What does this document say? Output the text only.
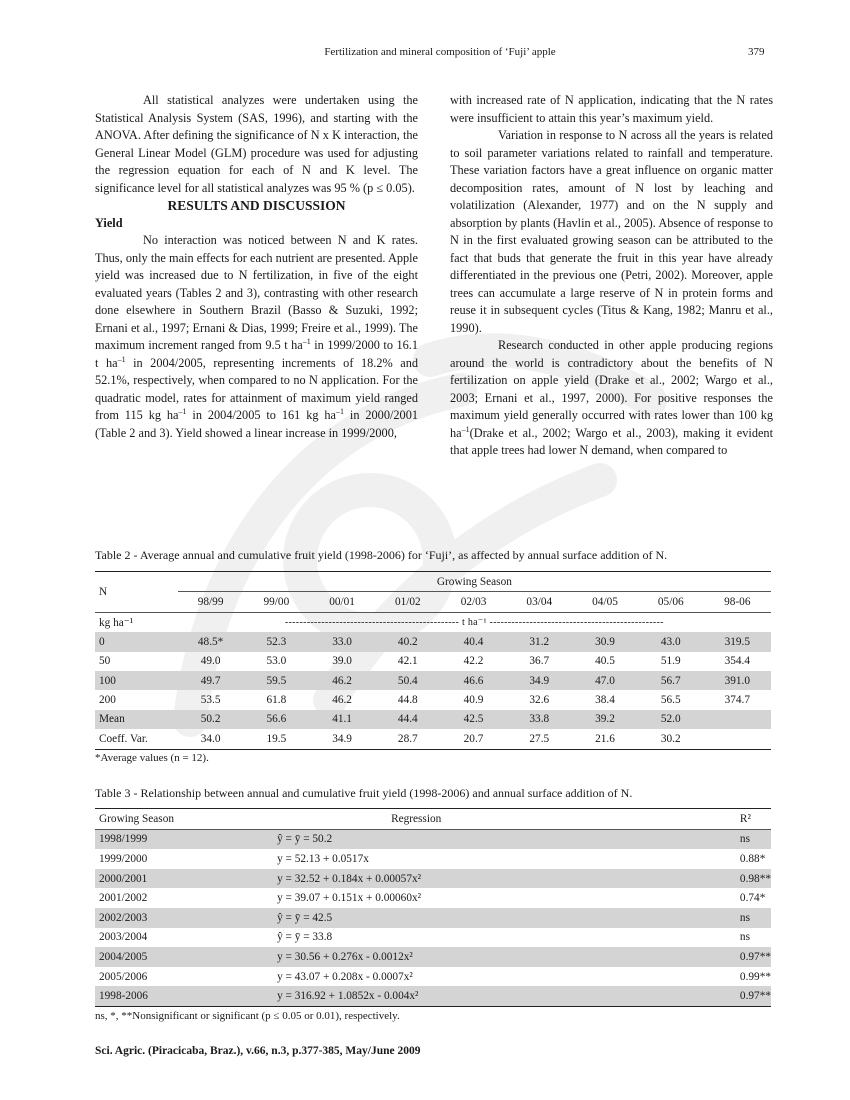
Fertilization and mineral composition of ‘Fuji’ apple	379

All statistical analyzes were undertaken using the Statistical Analysis System (SAS, 1996), and starting with the ANOVA. After defining the significance of N x K interaction, the General Linear Model (GLM) procedure was used for adjusting the regression equation for each of N and K level. The significance level for all statistical analyzes was 95 % (p ≤ 0.05).

RESULTS AND DISCUSSION

Yield

No interaction was noticed between N and K rates. Thus, only the main effects for each nutrient are presented. Apple yield was increased due to N fertilization, in five of the eight evaluated years (Tables 2 and 3), contrasting with other research done elsewhere in Southern Brazil (Basso & Suzuki, 1992; Ernani et al., 1997; Ernani & Dias, 1999; Freire et al., 1999). The maximum increment ranged from 9.5 t $ha^{-1}$ in 1999/2000 to 16.1 t $ha^{-1}$ in 2004/2005, representing increments of 18.2% and 52.1%, respectively, when compared to no N application. For the quadratic model, rates for attainment of maximum yield ranged from 115 kg $ha^{-1}$ in 2004/2005 to 161 kg $ha^{-1}$ in 2000/2001 (Table 2 and 3). Yield showed a linear increase in 1999/2000,

with increased rate of N application, indicating that the N rates were insufficient to attain this year’s maximum yield.

Variation in response to N across all the years is related to soil parameter variations related to rainfall and temperature. These variation factors have a great influence on organic matter decomposition rates, amount of N lost by leaching and volatilization (Alexander, 1977) and on the N supply and absorption by plants (Havlin et al., 2005). Absence of response to N in the first evaluated growing season can be attributed to the fact that buds that generate the fruit in this year have already differentiated in the previous one (Petri, 2002). Moreover, apple trees can accumulate a large reserve of N in protein forms and reuse it in subsequent cycles (Titus & Kang, 1982; Manru et al., 1990).

Research conducted in other apple producing regions around the world is contradictory about the benefits of N fertilization on apple yield (Drake et al., 2002; Wargo et al., 2003; Ernani et al., 1997, 2000). For positive responses the maximum yield generally occurred with rates lower than 100 kg $ha^{-1}(Drake$ et al., 2002; Wargo et al., 2003), making it evident that apple trees had lower N demand, when compared to

Table 2 - Average annual and cumulative fruit yield (1998-2006) for ‘Fuji’, as affected by annual surface addition of N.
N	Growing Season								
	98/99	99/00	00/01	01/02	02/03	03/04	04/05	05/06	98-06
kg ha⁻¹	------------------------------------------------ t ha⁻¹ ------------------------------------------------								
0	48.5*	52.3	33.0	40.2	40.4	31.2	30.9	43.0	319.5
50	49.0	53.0	39.0	42.1	42.2	36.7	40.5	51.9	354.4
100	49.7	59.5	46.2	50.4	46.6	34.9	47.0	56.7	391.0
200	53.5	61.8	46.2	44.8	40.9	32.6	38.4	56.5	374.7
Mean	50.2	56.6	41.1	44.4	42.5	33.8	39.2	52.0	
Coeff. Var.	34.0	19.5	34.9	28.7	20.7	27.5	21.6	30.2	
*Average values (n = 12).
Table 3 - Relationship between annual and cumulative fruit yield (1998-2006) and annual surface addition of N.
Growing Season	Regression	R²
1998/1999	ŷ = ȳ = 50.2	ns
1999/2000	y = 52.13 + 0.0517x	0.88*
2000/2001	y = 32.52 + 0.184x + 0.00057x²	0.98**
2001/2002	y = 39.07 + 0.151x + 0.00060x²	0.74*
2002/2003	ŷ = ȳ = 42.5	ns
2003/2004	ŷ = ȳ = 33.8	ns
2004/2005	y = 30.56 + 0.276x - 0.0012x²	0.97**
2005/2006	y = 43.07 + 0.208x - 0.0007x²	0.99**
1998-2006	y = 316.92 + 1.0852x - 0.004x²	0.97**
ns, *, **Nonsignificant or significant (p ≤ 0.05 or 0.01), respectively.
Sci. Agric. (Piracicaba, Braz.), v.66, n.3, p.377-385, May/June 2009
